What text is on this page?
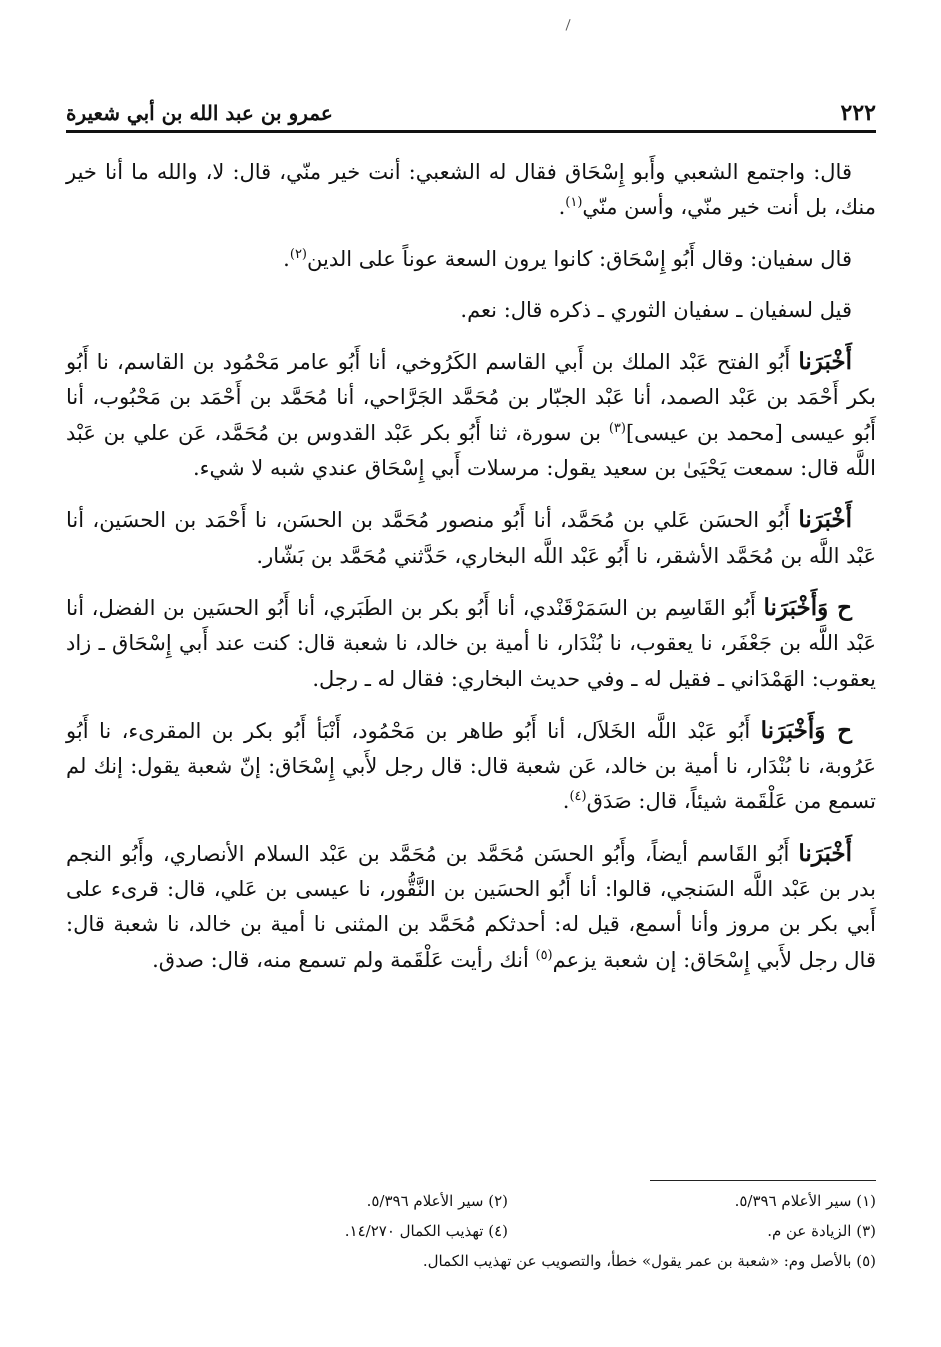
٢٢٢
عمرو بن عبد الله بن أبي شعيرة

قال: واجتمع الشعبي وأَبو إِسْحَاق فقال له الشعبي: أنت خير منّي، قال: لا، والله ما أنا خير منك، بل أنت خير منّي، وأسن منّي$^{(١)}$.

قال سفيان: وقال أَبُو إِسْحَاق: كانوا يرون السعة عوناً على الدين$^{(٢)}$.

قيل لسفيان ـ سفيان الثوري ـ ذكره قال: نعم.

أَخْبَرَنا أَبُو الفتح عَبْد الملك بن أَبي القاسم الكَرُوخي، أنا أَبُو عامر مَحْمُود بن القاسم، نا أَبُو بكر أَحْمَد بن عَبْد الصمد، أنا عَبْد الجبّار بن مُحَمَّد الجَرَّاحي، أنا مُحَمَّد بن أَحْمَد بن مَحْبُوب، أنا أَبُو عيسى [محمد بن عيسى]$^{(٣)}$ بن سورة، ثنا أَبُو بكر عَبْد القدوس بن مُحَمَّد، عَن علي بن عَبْد اللَّه قال: سمعت يَحْيَىٰ بن سعيد يقول: مرسلات أَبي إِسْحَاق عندي شبه لا شيء.

أَخْبَرَنا أَبُو الحسَن عَلي بن مُحَمَّد، أنا أَبُو منصور مُحَمَّد بن الحسَن، نا أَحْمَد بن الحسَين، أنا عَبْد اللَّه بن مُحَمَّد الأشقر، نا أَبُو عَبْد اللَّه البخاري، حَدَّثني مُحَمَّد بن بَشّار.

ح وَأَخْبَرَنا أَبُو القَاسِم بن السَمَرْقَنْدي، أنا أَبُو بكر بن الطَبَري، أنا أَبُو الحسَين بن الفضل، أنا عَبْد اللَّه بن جَعْفَر، نا يعقوب، نا بُنْدَار، نا أمية بن خالد، نا شعبة قال: كنت عند أَبي إِسْحَاق ـ زاد يعقوب: الهَمْدَاني ـ فقيل له ـ وفي حديث البخاري: فقال له ـ رجل.

ح وَأَخْبَرَنا أَبُو عَبْد اللَّه الخَلاَل، أنا أَبُو طاهر بن مَحْمُود، أَنْبَأ أَبُو بكر بن المقرىء، نا أَبُو عَرُوبة، نا بُنْدَار، نا أمية بن خالد، عَن شعبة قال: قال رجل لأَبي إِسْحَاق: إنّ شعبة يقول: إنك لم تسمع من عَلْقَمة شيئاً، قال: صَدَق$^{(٤)}$.

أَخْبَرَنا أَبُو القَاسم أيضاً، وأَبُو الحسَن مُحَمَّد بن مُحَمَّد بن عَبْد السلام الأنصاري، وأَبُو النجم بدر بن عَبْد اللَّه السَنجي، قالوا: أنا أَبُو الحسَين بن النَّقُّور، نا عيسى بن عَلي، قال: قرىء على أَبي بكر بن مروز وأنا أسمع، قيل له: أحدثكم مُحَمَّد بن المثنى نا أمية بن خالد، نا شعبة قال: قال رجل لأَبي إِسْحَاق: إن شعبة يزعم$^{(٥)}$ أنك رأيت عَلْقَمة ولم تسمع منه، قال: صدق.

(١) سير الأعلام ٥/٣٩٦.
(٢) سير الأعلام ٥/٣٩٦.
(٣) الزيادة عن م.
(٤) تهذيب الكمال ١٤/٢٧٠.
(٥) بالأصل وم: «شعبة بن عمر يقول» خطأ، والتصويب عن تهذيب الكمال.
